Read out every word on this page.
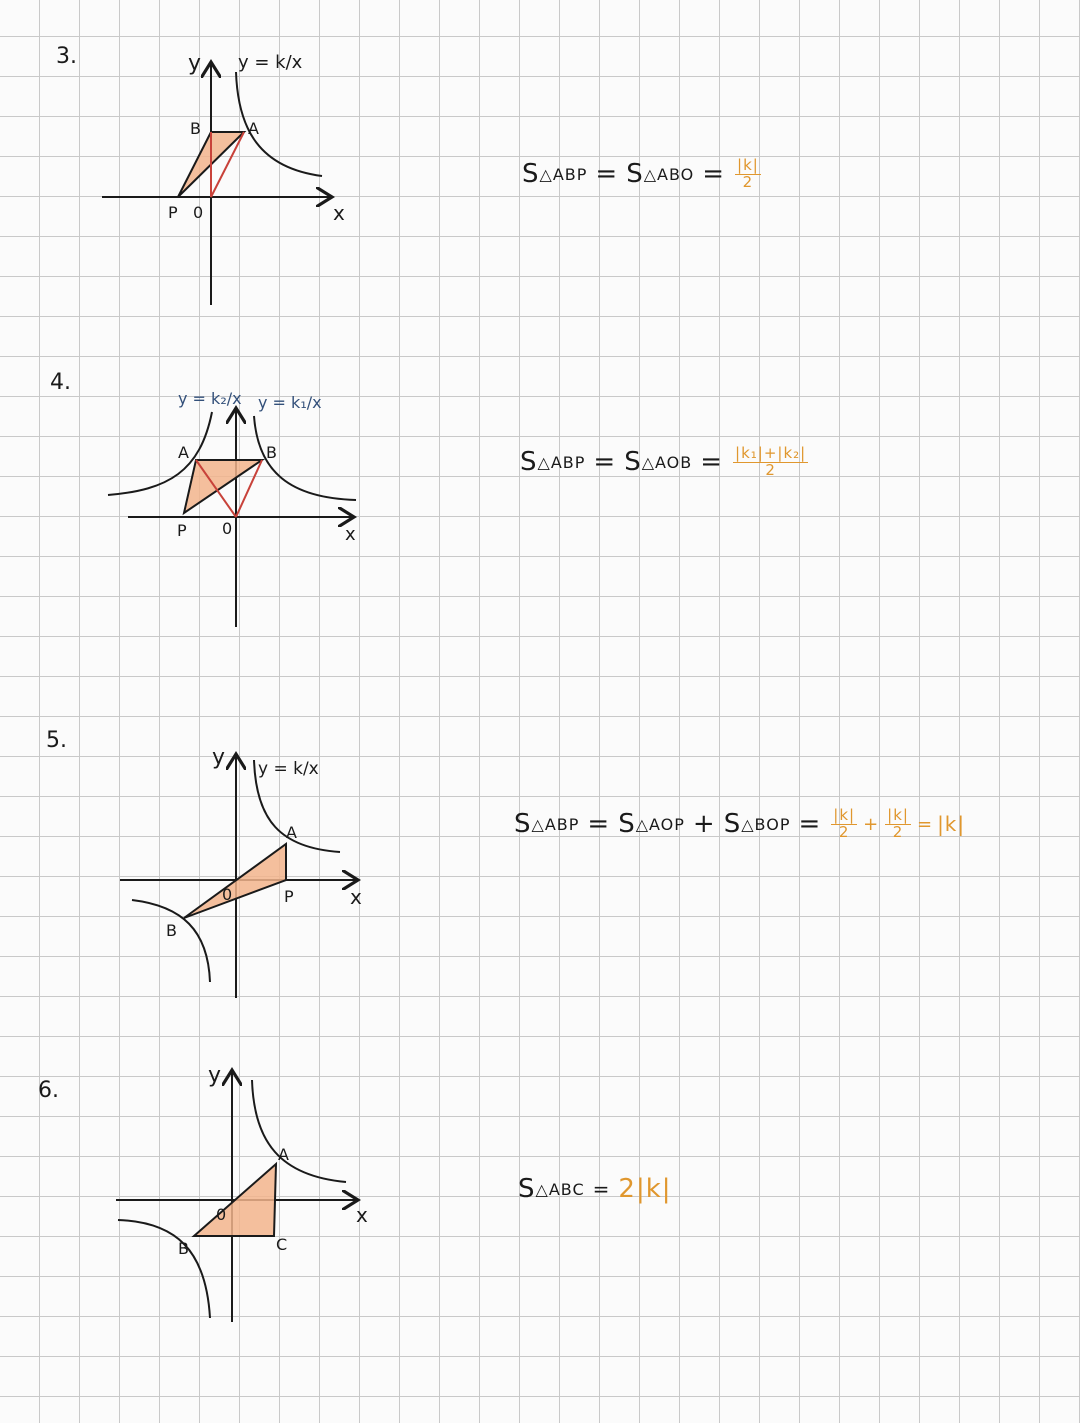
3.	y
x
y = k/x
A
B
P 0
S △ABP = S △ABO = $\frac{|k|}{2}$
4.
y = k₂/x y = k₁/x
x
A	B
P 0
S △ABP = S △AOB = $\frac{\text{|k₁|+|k₂|}}{2}$
5.
y
x
y = k/x
A
B
P
0
S △ABP = S △AOP + S △BOP = $\frac{|k|}{2} + \frac{|k|}{2} = |k|$
6.
y
x
A
B	C
0
S △ABC = 2|k|
